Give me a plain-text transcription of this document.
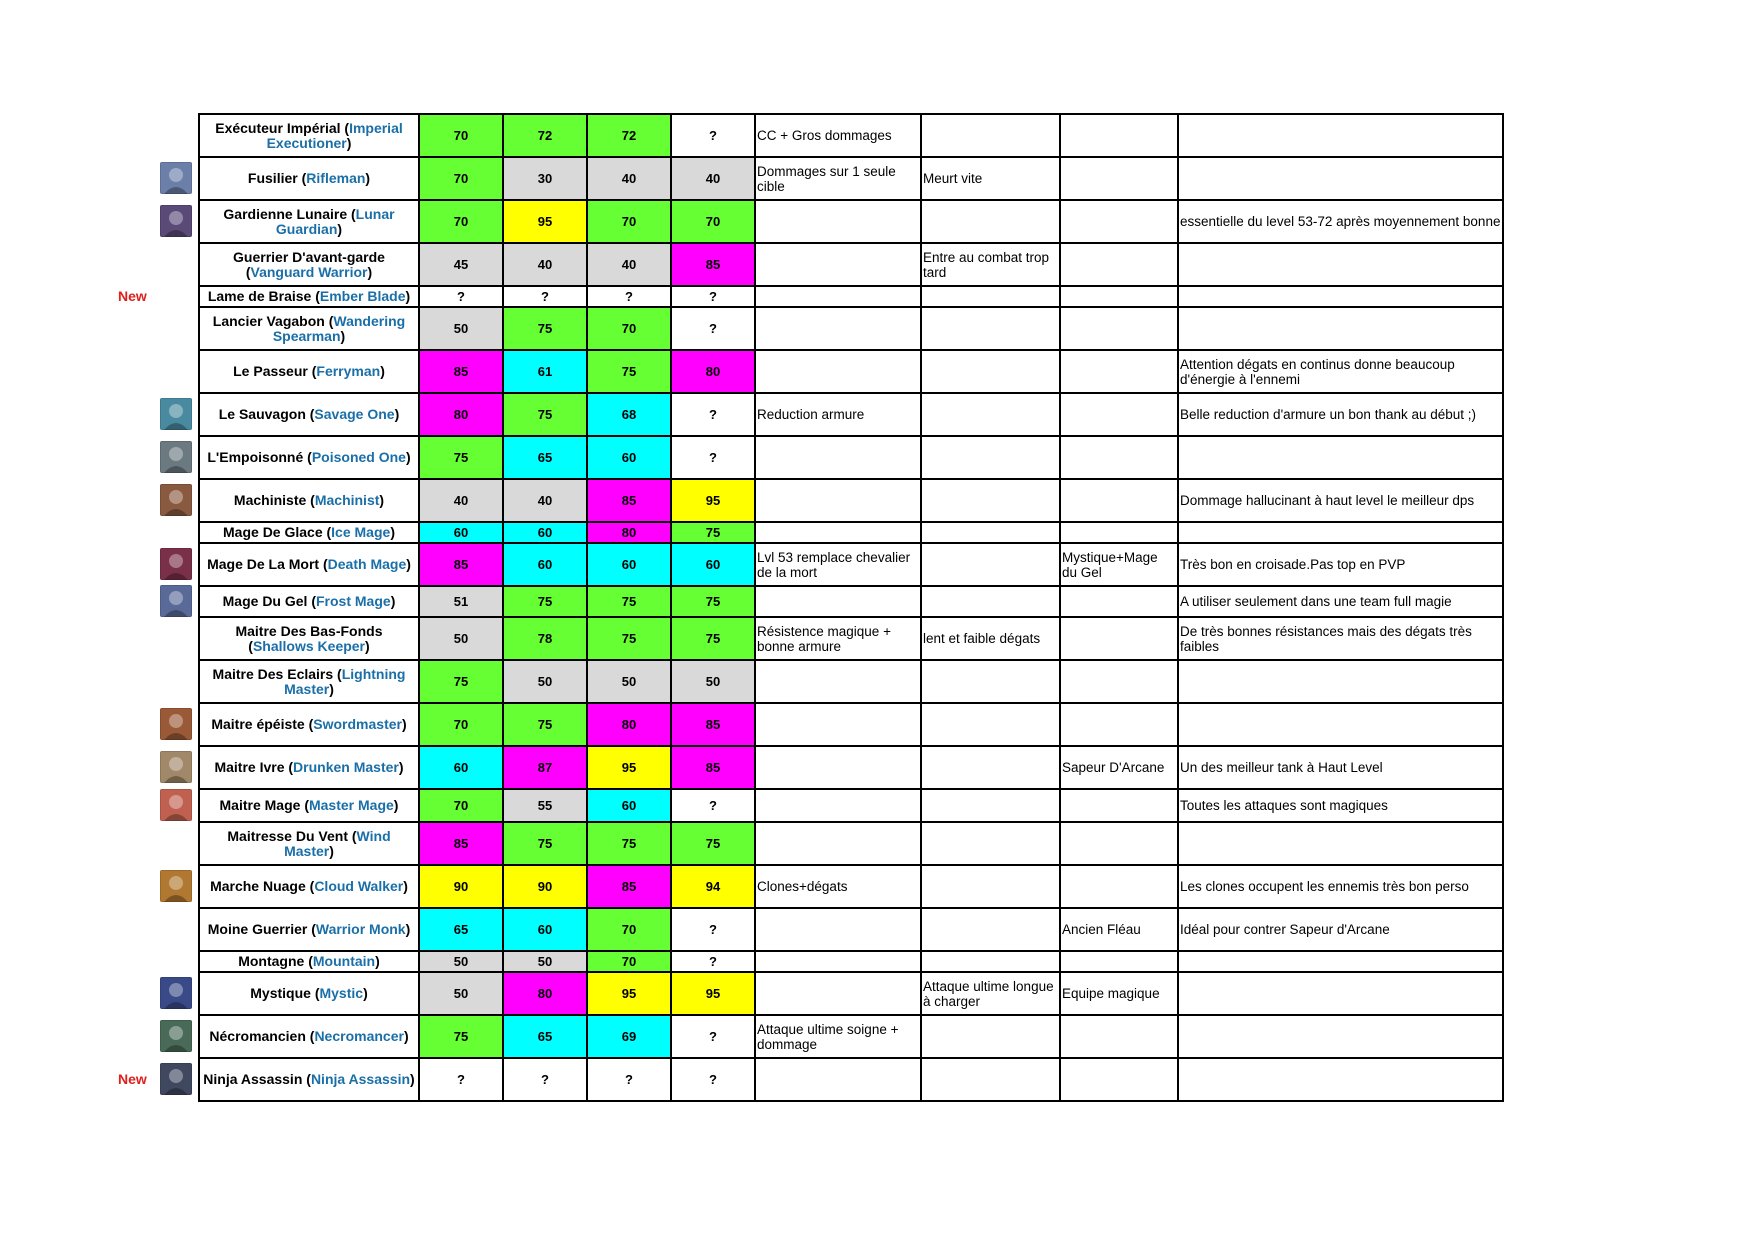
Exécuteur Impérial (Imperial Executioner)	70	72	72	?	CC + Gros dommages			
Fusilier (Rifleman)	70	30	40	40	Dommages sur 1 seule cible	Meurt vite		
Gardienne Lunaire (Lunar Guardian)	70	95	70	70				essentielle du level 53-72 après moyennement bonne
Guerrier D'avant-garde (Vanguard Warrior)	45	40	40	85		Entre au combat trop tard		
Lame de Braise (Ember Blade)	?	?	?	?				
Lancier Vagabon (Wandering Spearman)	50	75	70	?				
Le Passeur (Ferryman)	85	61	75	80				Attention dégats en continus donne beaucoup d'énergie à l'ennemi
Le Sauvagon (Savage One)	80	75	68	?	Reduction armure			Belle reduction d'armure un bon thank au début ;)
L'Empoisonné (Poisoned One)	75	65	60	?				
Machiniste (Machinist)	40	40	85	95				Dommage hallucinant à haut level le meilleur dps
Mage De Glace (Ice Mage)	60	60	80	75				
Mage De La Mort (Death Mage)	85	60	60	60	Lvl 53 remplace chevalier de la mort		Mystique+Mage du Gel	Très bon en croisade.Pas top en PVP
Mage Du Gel (Frost Mage)	51	75	75	75				A utiliser seulement dans une team full magie
Maitre Des Bas-Fonds (Shallows Keeper)	50	78	75	75	Résistence magique + bonne armure	lent et faible dégats		De très bonnes résistances mais des dégats très faibles
Maitre Des Eclairs (Lightning Master)	75	50	50	50				
Maitre épéiste (Swordmaster)	70	75	80	85				
Maitre Ivre (Drunken Master)	60	87	95	85			Sapeur D'Arcane	Un des meilleur tank à Haut Level
Maitre Mage (Master Mage)	70	55	60	?				Toutes les attaques sont magiques
Maitresse Du Vent (Wind Master)	85	75	75	75				
Marche Nuage (Cloud Walker)	90	90	85	94	Clones+dégats			Les clones occupent les ennemis très bon perso
Moine Guerrier (Warrior Monk)	65	60	70	?			Ancien Fléau	Idéal pour contrer Sapeur d'Arcane
Montagne (Mountain)	50	50	70	?				
Mystique (Mystic)	50	80	95	95		Attaque ultime longue à charger	Equipe magique	
Nécromancien (Necromancer)	75	65	69	?	Attaque ultime soigne + dommage			
Ninja Assassin (Ninja Assassin)	?	?	?	?				
New
New
